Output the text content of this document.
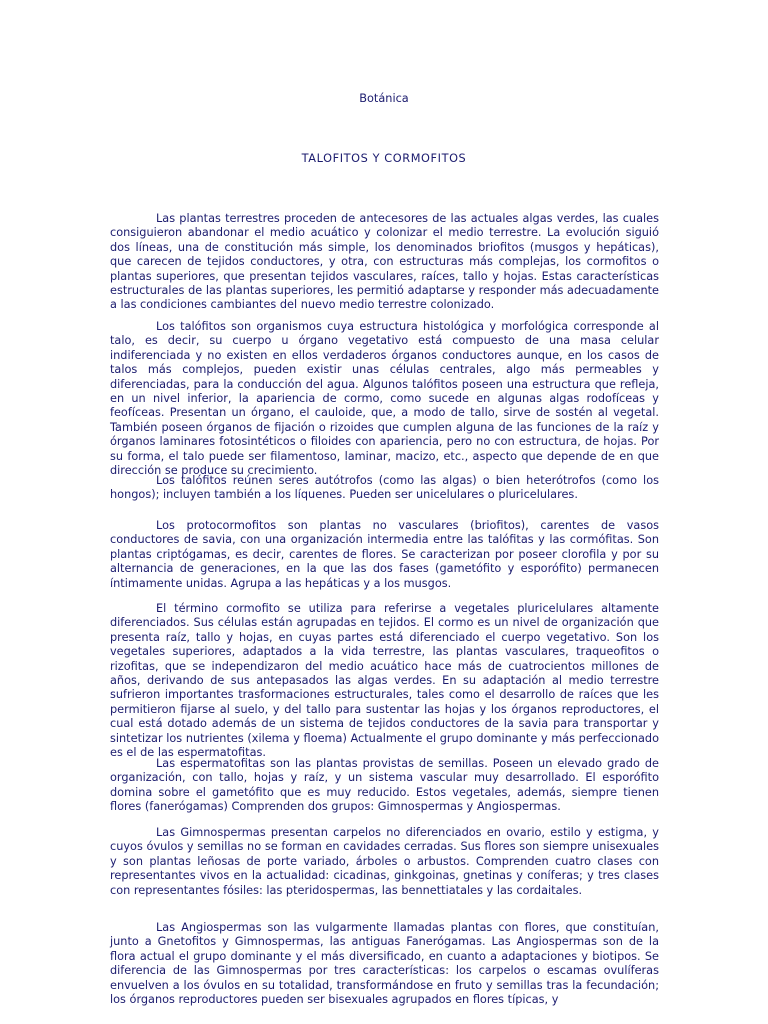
Botánica
TALOFITOS Y CORMOFITOS

Las plantas terrestres proceden de antecesores de las actuales algas verdes, las cuales consiguieron abandonar el medio acuático y colonizar el medio terrestre. La evolución siguió dos líneas, una de constitución más simple, los denominados briofitos (musgos y hepáticas), que carecen de tejidos conductores, y otra, con estructuras más complejas, los cormofitos o plantas superiores, que presentan tejidos vasculares, raíces, tallo y hojas. Estas características estructurales de las plantas superiores, les permitió adaptarse y responder más adecuadamente a las condiciones cambiantes del nuevo medio terrestre colonizado.

Los talófitos son organismos cuya estructura histológica y morfológica corresponde al talo, es decir, su cuerpo u órgano vegetativo está compuesto de una masa celular indiferenciada y no existen en ellos verdaderos órganos conductores aunque, en los casos de talos más complejos, pueden existir unas células centrales, algo más permeables y diferenciadas, para la conducción del agua. Algunos talófitos poseen una estructura que refleja, en un nivel inferior, la apariencia de cormo, como sucede en algunas algas rodofíceas y feofíceas. Presentan un órgano, el cauloide, que, a modo de tallo, sirve de sostén al vegetal. También poseen órganos de fijación o rizoides que cumplen alguna de las funciones de la raíz y órganos laminares fotosintéticos o filoides con apariencia, pero no con estructura, de hojas. Por su forma, el talo puede ser filamentoso, laminar, macizo, etc., aspecto que depende de en que dirección se produce su crecimiento.

Los talófitos reúnen seres autótrofos (como las algas) o bien heterótrofos (como los hongos); incluyen también a los líquenes. Pueden ser unicelulares o pluricelulares.

Los protocormofitos son plantas no vasculares (briofitos), carentes de vasos conductores de savia, con una organización intermedia entre las talófitas y las cormófitas. Son plantas criptógamas, es decir, carentes de flores. Se caracterizan por poseer clorofila y por su alternancia de generaciones, en la que las dos fases (gametófito y esporófito) permanecen íntimamente unidas. Agrupa a las hepáticas y a los musgos.

El término cormofito se utiliza para referirse a vegetales pluricelulares altamente diferenciados. Sus células están agrupadas en tejidos. El cormo es un nivel de organización que presenta raíz, tallo y hojas, en cuyas partes está diferenciado el cuerpo vegetativo. Son los vegetales superiores, adaptados a la vida terrestre, las plantas vasculares, traqueofitos o rizofitas, que se independizaron del medio acuático hace más de cuatrocientos millones de años, derivando de sus antepasados las algas verdes. En su adaptación al medio terrestre sufrieron importantes trasformaciones estructurales, tales como el desarrollo de raíces que les permitieron fijarse al suelo, y del tallo para sustentar las hojas y los órganos reproductores, el cual está dotado además de un sistema de tejidos conductores de la savia para transportar y sintetizar los nutrientes (xilema y floema) Actualmente el grupo dominante y más perfeccionado es el de las espermatofitas.

Las espermatofitas son las plantas provistas de semillas. Poseen un elevado grado de organización, con tallo, hojas y raíz, y un sistema vascular muy desarrollado. El esporófito domina sobre el gametófito que es muy reducido. Estos vegetales, además, siempre tienen flores (fanerógamas) Comprenden dos grupos: Gimnospermas y Angiospermas.

Las Gimnospermas presentan carpelos no diferenciados en ovario, estilo y estigma, y cuyos óvulos y semillas no se forman en cavidades cerradas. Sus flores son siempre unisexuales y son plantas leñosas de porte variado, árboles o arbustos. Comprenden cuatro clases con representantes vivos en la actualidad: cicadinas, ginkgoinas, gnetinas y coníferas; y tres clases con representantes fósiles: las pteridospermas, las bennettiatales y las cordaitales.

Las Angiospermas son las vulgarmente llamadas plantas con flores, que constituían, junto a Gnetofitos y Gimnospermas, las antiguas Fanerógamas. Las Angiospermas son de la flora actual el grupo dominante y el más diversificado, en cuanto a adaptaciones y biotipos. Se diferencia de las Gimnospermas por tres características: los carpelos o escamas ovulíferas envuelven a los óvulos en su totalidad, transformándose en fruto y semillas tras la fecundación; los órganos reproductores pueden ser bisexuales agrupados en flores típicas, y
